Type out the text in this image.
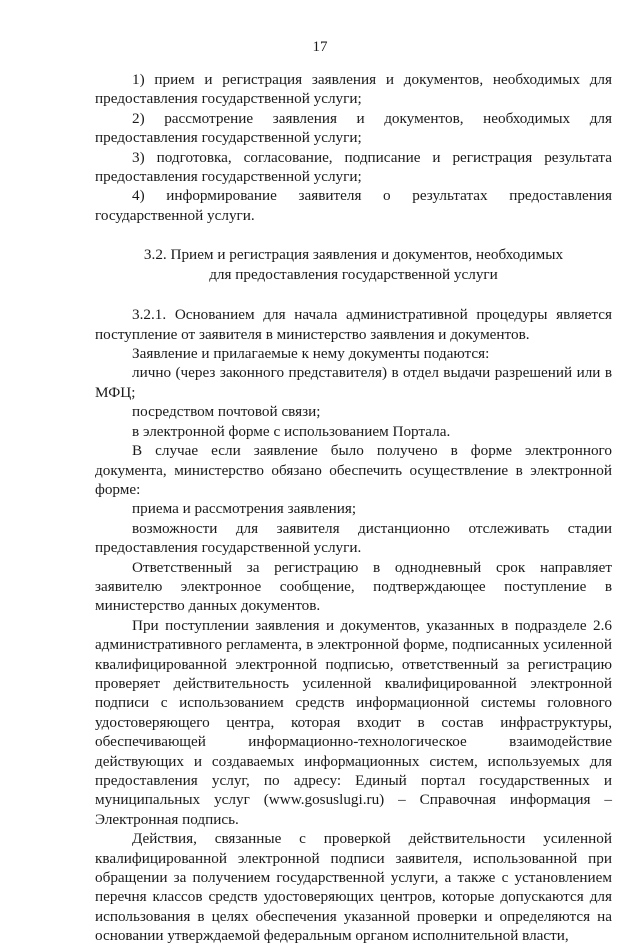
17

1) прием и регистрация заявления и документов, необходимых для предоставления государственной услуги;

2) рассмотрение заявления и документов, необходимых для предоставления государственной услуги;

3) подготовка, согласование, подписание и регистрация результата предоставления государственной услуги;

4) информирование заявителя о результатах предоставления государственной услуги.

3.2. Прием и регистрация заявления и документов, необходимых

для предоставления государственной услуги

3.2.1. Основанием для начала административной процедуры является поступление от заявителя в министерство заявления и документов.

Заявление и прилагаемые к нему документы подаются:

лично (через законного представителя) в отдел выдачи разрешений или в МФЦ;

посредством почтовой связи;

в электронной форме с использованием Портала.

В случае если заявление было получено в форме электронного документа, министерство обязано обеспечить осуществление в электронной форме:

приема и рассмотрения заявления;

возможности для заявителя дистанционно отслеживать стадии предоставления государственной услуги.

Ответственный за регистрацию в однодневный срок направляет заявителю электронное сообщение, подтверждающее поступление в министерство данных документов.

При поступлении заявления и документов, указанных в подразделе 2.6 административного регламента, в электронной форме, подписанных усиленной квалифицированной электронной подписью, ответственный за регистрацию проверяет действительность усиленной квалифицированной электронной подписи с использованием средств информационной системы головного удостоверяющего центра, которая входит в состав инфраструктуры, обеспечивающей информационно-технологическое взаимодействие действующих и создаваемых информационных систем, используемых для предоставления услуг, по адресу: Единый портал государственных и муниципальных услуг (www.gosuslugi.ru) – Справочная информация – Электронная подпись.

Действия, связанные с проверкой действительности усиленной квалифицированной электронной подписи заявителя, использованной при обращении за получением государственной услуги, а также с установлением перечня классов средств удостоверяющих центров, которые допускаются для использования в целях обеспечения указанной проверки и определяются на основании утверждаемой федеральным органом исполнительной власти,
